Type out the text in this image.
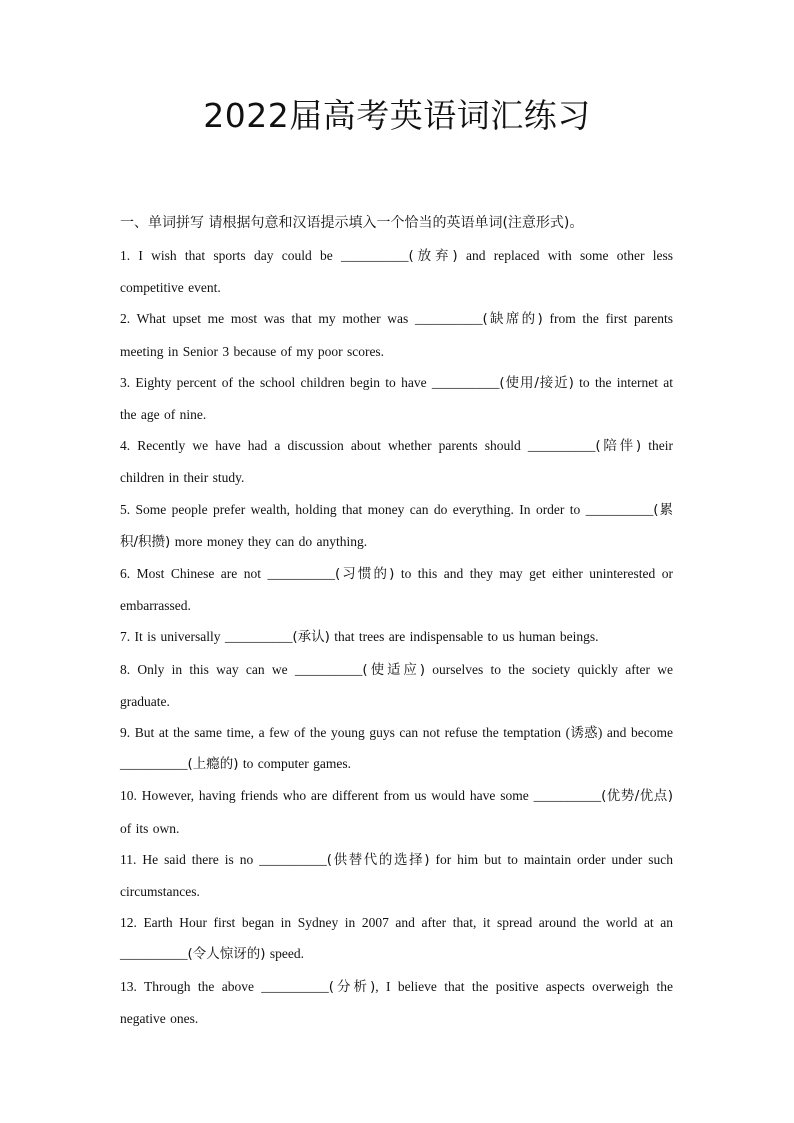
2022届高考英语词汇练习

一、单词拼写 请根据句意和汉语提示填入一个恰当的英语单词(注意形式)。

1. I wish that sports day could be __________(放弃) and replaced with some other less competitive event.
2. What upset me most was that my mother was __________(缺席的) from the first parents meeting in Senior 3 because of my poor scores.
3. Eighty percent of the school children begin to have __________(使用/接近) to the internet at the age of nine.
4. Recently we have had a discussion about whether parents should __________(陪伴) their children in their study.
5. Some people prefer wealth, holding that money can do everything. In order to __________(累积/积攒) more money they can do anything.
6. Most Chinese are not __________(习惯的) to this and they may get either uninterested or embarrassed.
7. It is universally __________(承认) that trees are indispensable to us human beings.
8. Only in this way can we __________(使适应) ourselves to the society quickly after we graduate.
9. But at the same time, a few of the young guys can not refuse the temptation (诱惑) and become __________(上瘾的) to computer games.
10. However, having friends who are different from us would have some __________(优势/优点) of its own.
11. He said there is no __________(供替代的选择) for him but to maintain order under such circumstances.
12. Earth Hour first began in Sydney in 2007 and after that, it spread around the world at an __________(令人惊讶的) speed.
13. Through the above __________(分析), I believe that the positive aspects overweigh the negative ones.
